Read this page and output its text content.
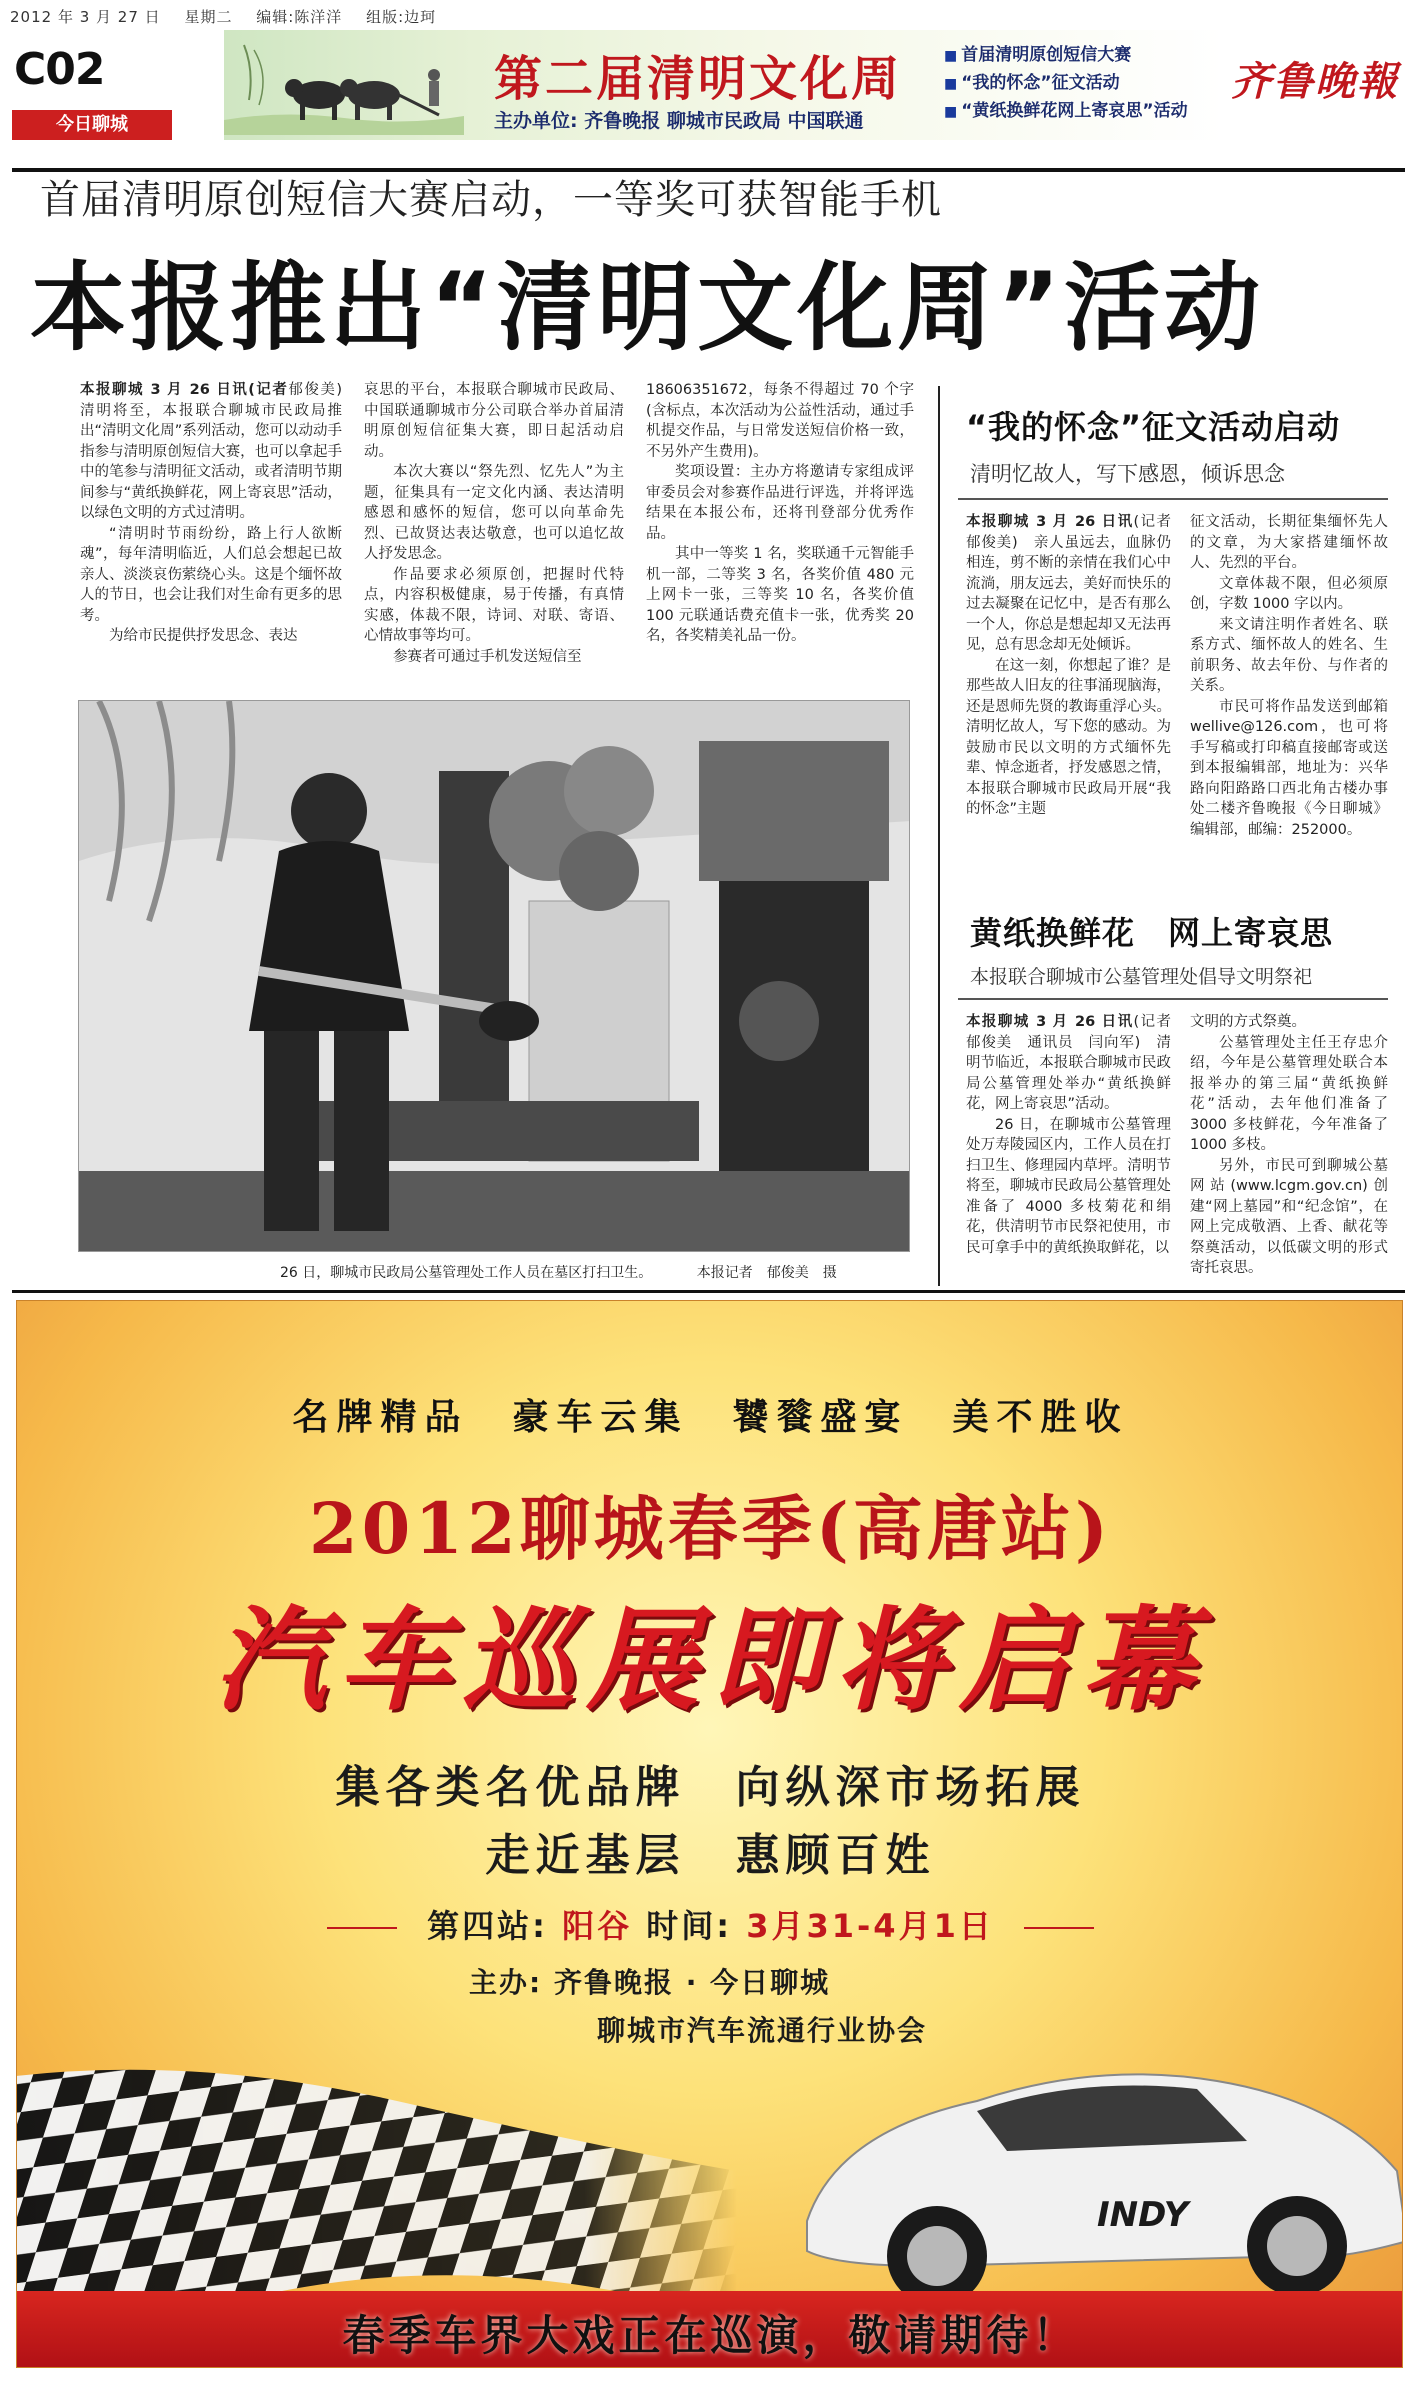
2012 年 3 月 27 日 星期二 编辑:陈洋洋 组版:边珂
C02
今日聊城
第二届清明文化周
主办单位: 齐鲁晚报 聊城市民政局 中国联通
■ 首届清明原创短信大赛
■ “我的怀念”征文活动
■ “黄纸换鲜花网上寄哀思”活动
齐鲁晚報
首届清明原创短信大赛启动，一等奖可获智能手机
本报推出“清明文化周”活动

本报聊城 3 月 26 日讯(记者郁俊美)　清明将至，本报联合聊城市民政局推出“清明文化周”系列活动，您可以动动手指参与清明原创短信大赛，也可以拿起手中的笔参与清明征文活动，或者清明节期间参与“黄纸换鲜花，网上寄哀思”活动，以绿色文明的方式过清明。

“清明时节雨纷纷，路上行人欲断魂”，每年清明临近，人们总会想起已故亲人、淡淡哀伤萦绕心头。这是个缅怀故人的节日，也会让我们对生命有更多的思考。

为给市民提供抒发思念、表达

哀思的平台，本报联合聊城市民政局、中国联通聊城市分公司联合举办首届清明原创短信征集大赛，即日起活动启动。

本次大赛以“祭先烈、忆先人”为主题，征集具有一定文化内涵、表达清明感恩和感怀的短信，您可以向革命先烈、已故贤达表达敬意，也可以追忆故人抒发思念。

作品要求必须原创，把握时代特点，内容积极健康，易于传播，有真情实感，体裁不限，诗词、对联、寄语、心情故事等均可。

参赛者可通过手机发送短信至

18606351672，每条不得超过 70 个字(含标点，本次活动为公益性活动，通过手机提交作品，与日常发送短信价格一致，不另外产生费用)。

奖项设置：主办方将邀请专家组成评审委员会对参赛作品进行评选，并将评选结果在本报公布，还将刊登部分优秀作品。

其中一等奖 1 名，奖联通千元智能手机一部，二等奖 3 名，各奖价值 480 元上网卡一张，三等奖 10 名，各奖价值 100 元联通话费充值卡一张，优秀奖 20 名，各奖精美礼品一份。

26 日，聊城市民政局公墓管理处工作人员在墓区打扫卫生。	本报记者　郁俊美　摄
“我的怀念”征文活动启动
清明忆故人，写下感恩，倾诉思念

本报聊城 3 月 26 日讯(记者　郁俊美)　亲人虽远去，血脉仍相连，剪不断的亲情在我们心中流淌，朋友远去，美好而快乐的过去凝聚在记忆中，是否有那么一个人，你总是想起却又无法再见，总有思念却无处倾诉。

在这一刻，你想起了谁？是那些故人旧友的往事涌现脑海，还是恩师先贤的教诲重浮心头。清明忆故人，写下您的感动。为鼓励市民以文明的方式缅怀先辈、悼念逝者，抒发感恩之情，本报联合聊城市民政局开展“我的怀念”主题

征文活动，长期征集缅怀先人的文章，为大家搭建缅怀故人、先烈的平台。

文章体裁不限，但必须原创，字数 1000 字以内。

来文请注明作者姓名、联系方式、缅怀故人的姓名、生前职务、故去年份、与作者的关系。

市民可将作品发送到邮箱 wellive@126.com，也可将手写稿或打印稿直接邮寄或送到本报编辑部，地址为：兴华路向阳路路口西北角古楼办事处二楼齐鲁晚报《今日聊城》编辑部，邮编：252000。

黄纸换鲜花　网上寄哀思
本报联合聊城市公墓管理处倡导文明祭祀

本报聊城 3 月 26 日讯(记者　郁俊美　通讯员　闫向军)　清明节临近，本报联合聊城市民政局公墓管理处举办“黄纸换鲜花，网上寄哀思”活动。

26 日，在聊城市公墓管理处万寿陵园区内，工作人员在打扫卫生、修理园内草坪。清明节将至，聊城市民政局公墓管理处准备了 4000 多枝菊花和绢花，供清明节市民祭祀使用，市民可拿手中的黄纸换取鲜花，以

文明的方式祭奠。

公墓管理处主任王存忠介绍，今年是公墓管理处联合本报举办的第三届“黄纸换鲜花”活动，去年他们准备了 3000 多枝鲜花，今年准备了 1000 多枝。

另外，市民可到聊城公墓网站(www.lcgm.gov.cn)创建“网上墓园”和“纪念馆”，在网上完成敬酒、上香、献花等祭奠活动，以低碳文明的形式寄托哀思。

名牌精品　豪车云集　饕餮盛宴　美不胜收
2012聊城春季(高唐站)
汽车巡展即将启幕
集各类名优品牌　向纵深市场拓展
走近基层　惠顾百姓
第四站: 阳谷 时间: 3月31-4月1日
主办: 齐鲁晚报 · 今日聊城
聊城市汽车流通行业协会
INDY
春季车界大戏正在巡演，敬请期待！
